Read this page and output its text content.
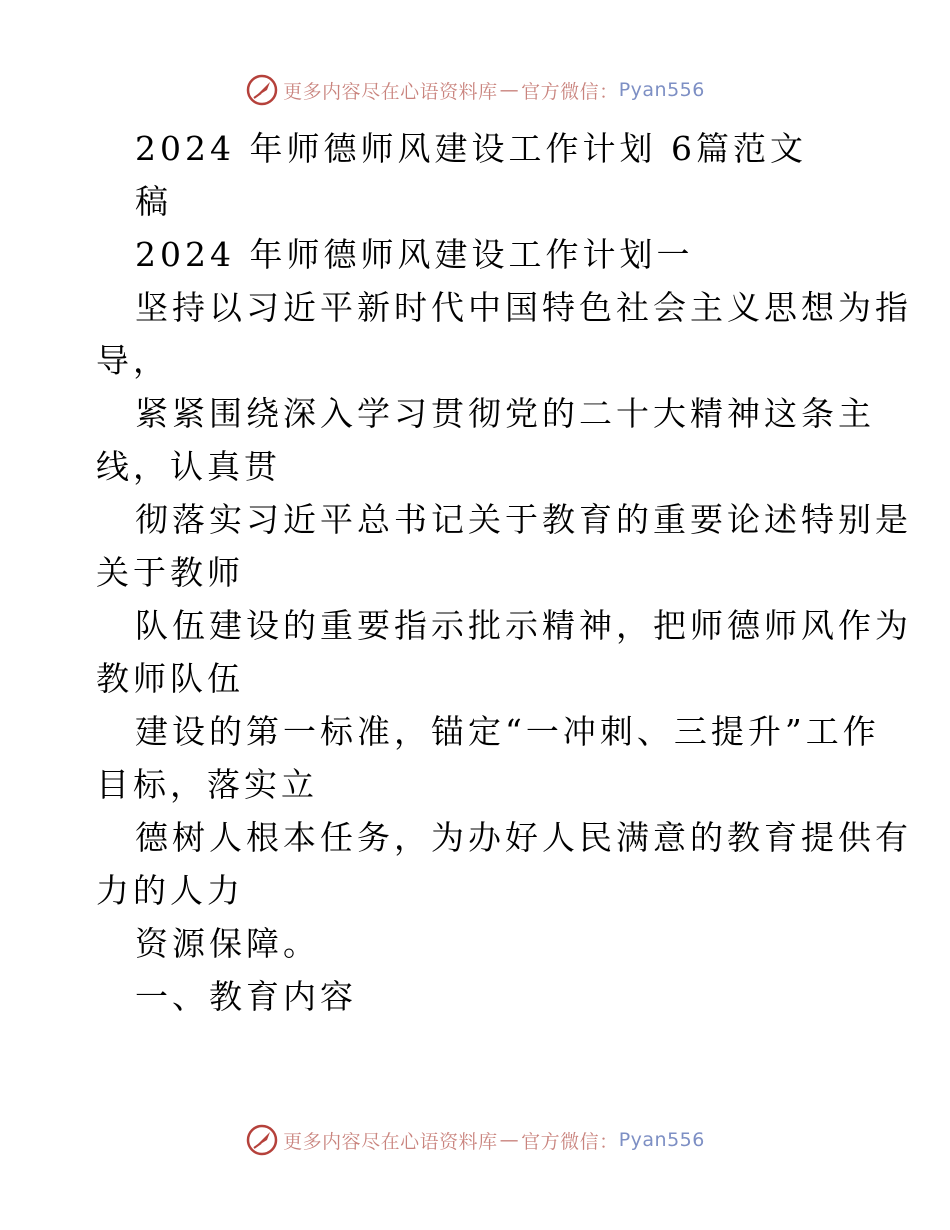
更多内容尽在心语资料库 — 官方微信： Pyan556
2024 年师德师风建设工作计划 6篇范文
稿
2024 年师德师风建设工作计划一
坚持以习近平新时代中国特色社会主义思想为指
导，
紧紧围绕深入学习贯彻党的二十大精神这条主
线，认真贯
彻落实习近平总书记关于教育的重要论述特别是
关于教师
队伍建设的重要指示批示精神，把师德师风作为
教师队伍
建设的第一标准，锚定“一冲刺、三提升”工作
目标，落实立
德树人根本任务，为办好人民满意的教育提供有
力的人力
资源保障。
一、教育内容
更多内容尽在心语资料库 — 官方微信： Pyan556
